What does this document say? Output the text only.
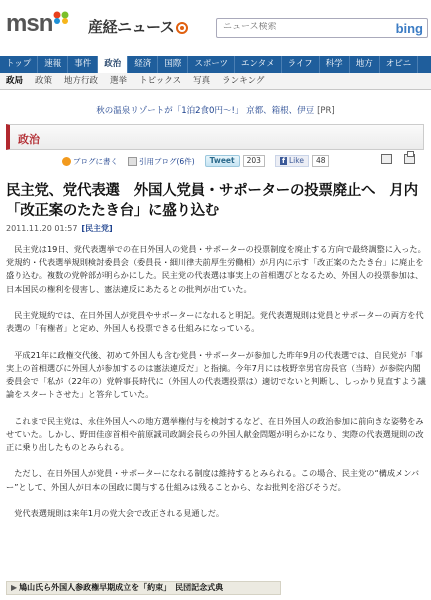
msn	産経ニュース
ニュース検索	bing
トップ	速報	事件	政治	経済	国際	スポーツ	エンタメ	ライフ	科学	地方	オピニ
政局	政策	地方行政	選挙	トピックス	写真	ランキング
秋の温泉リゾートが「1泊2食0円～!」 京都、箱根、伊豆 [PR]
政治
ブログに書く	引用ブログ(6件)	Tweet	203	f Like	48
民主党、党代表選　外国人党員・サポーターの投票廃止へ　月内「改正案のたたき台」に盛り込む
2011.11.20 01:57 [民主党]

民主党は19日、党代表選挙での在日外国人の党員・サポーターの投票制度を廃止する方向で最終調整に入った。党規約・代表選挙規則検討委員会（委員長・細川律夫前厚生労働相）が月内に示す「改正案のたたき台」に廃止を盛り込む。複数の党幹部が明らかにした。民主党の代表選は事実上の首相選びとなるため、外国人の投票参加は、日本国民の権利を侵害し、憲法違反にあたるとの批判が出ていた。

民主党規約では、在日外国人が党員やサポーターになれると明記。党代表選規則は党員とサポーターの両方を代表選の「有権者」と定め、外国人も投票できる仕組みになっている。

平成21年に政権交代後、初めて外国人も含む党員・サポーターが参加した昨年9月の代表選では、自民党が「事実上の首相選びに外国人が参加するのは憲法違反だ」と指摘。今年7月には枝野幸男官房長官（当時）が参院内閣委員会で「私が（22年の）党幹事長時代に（外国人の代表選投票は）適切でないと判断し、しっかり見直すよう議論をスタートさせた」と答弁していた。

これまで民主党は、永住外国人への地方選挙権付与を検討するなど、在日外国人の政治参加に前向きな姿勢をみせていた。しかし、野田佳彦首相や前原誠司政調会長らの外国人献金問題が明らかになり、実際の代表選規則の改正に乗り出したものとみられる。

ただし、在日外国人が党員・サポーターになれる制度は維持するとみられる。この場合、民主党の“構成メンバー”として、外国人が日本の国政に関与する仕組みは残ることから、なお批判を浴びそうだ。

党代表選規則は来年1月の党大会で改正される見通しだ。

▶ 鳩山氏ら外国人参政権早期成立を「約束」　民団記念式典
